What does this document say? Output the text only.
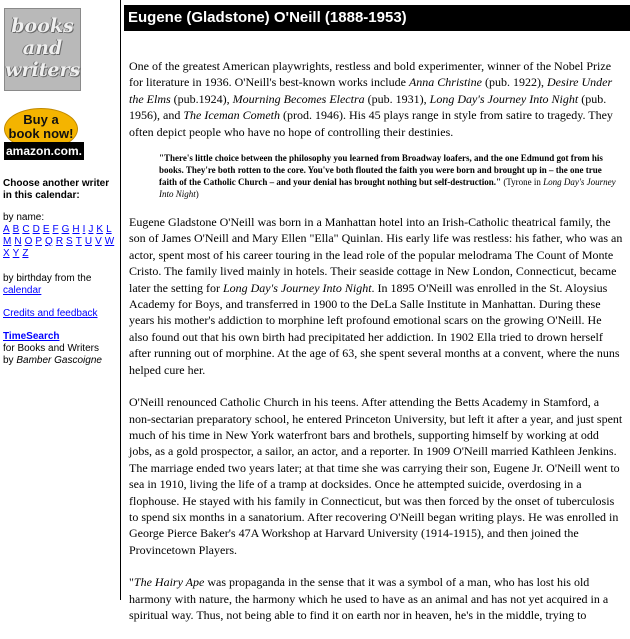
books
and
writers
Buy a
book now!
amazon.com.
Choose another writer in this calendar:
by name:
A B C D E F G H I J K L
M N O P Q R S T U V W
X Y Z
by birthday from the calendar
Credits and feedback
TimeSearch
for Books and Writers
by Bamber Gascoigne
Eugene (Gladstone) O'Neill (1888-1953)

One of the greatest American playwrights, restless and bold experimenter, winner of the Nobel Prize for literature in 1936. O'Neill's best-known works include Anna Christine (pub. 1922), Desire Under the Elms (pub.1924), Mourning Becomes Electra (pub. 1931), Long Day's Journey Into Night (pub. 1956), and The Iceman Cometh (prod. 1946). His 45 plays range in style from satire to tragedy. They often depict people who have no hope of controlling their destinies.

"There's little choice between the philosophy you learned from Broadway loafers, and the one Edmund got from his books. They're both rotten to the core. You've both flouted the faith you were born and brought up in – the one true faith of the Catholic Church – and your denial has brought nothing but self-destruction." (Tyrone in Long Day's Journey Into Night)

Eugene Gladstone O'Neill was born in a Manhattan hotel into an Irish-Catholic theatrical family, the son of James O'Neill and Mary Ellen "Ella" Quinlan. His early life was restless: his father, who was an actor, spent most of his career touring in the lead role of the popular melodrama The Count of Monte Cristo. The family lived mainly in hotels. Their seaside cottage in New London, Connecticut, became later the setting for Long Day's Journey Into Night. In 1895 O'Neill was enrolled in the St. Aloysius Academy for Boys, and transferred in 1900 to the DeLa Salle Institute in Manhattan. During these years his mother's addiction to morphine left profound emotional scars on the growing O'Neill. He also found out that his own birth had precipitated her addiction. In 1902 Ella tried to drown herself after running out of morphine. At the age of 63, she spent several months at a convent, where the nuns helped cure her.

O'Neill renounced Catholic Church in his teens. After attending the Betts Academy in Stamford, a non-sectarian preparatory school, he entered Princeton University, but left it after a year, and just spent much of his time in New York waterfront bars and brothels, supporting himself by working at odd jobs, as a gold prospector, a sailor, an actor, and a reporter. In 1909 O'Neill married Kathleen Jenkins. The marriage ended two years later; at that time she was carrying their son, Eugene Jr. O'Neill went to sea in 1910, living the life of a tramp at docksides. Once he attempted suicide, overdosing in a flophouse. He stayed with his family in Connecticut, but was then forced by the onset of tuberculosis to spend six months in a sanatorium. After recovering O'Neill began writing plays. He was enrolled in George Pierce Baker's 47A Workshop at Harvard University (1914-1915), and then joined the Provincetown Players.

"The Hairy Ape was propaganda in the sense that it was a symbol of a man, who has lost his old harmony with nature, the harmony which he used to have as an animal and has not yet acquired in a spiritual way. Thus, not being able to find it on earth nor in heaven, he's in the middle, trying to
